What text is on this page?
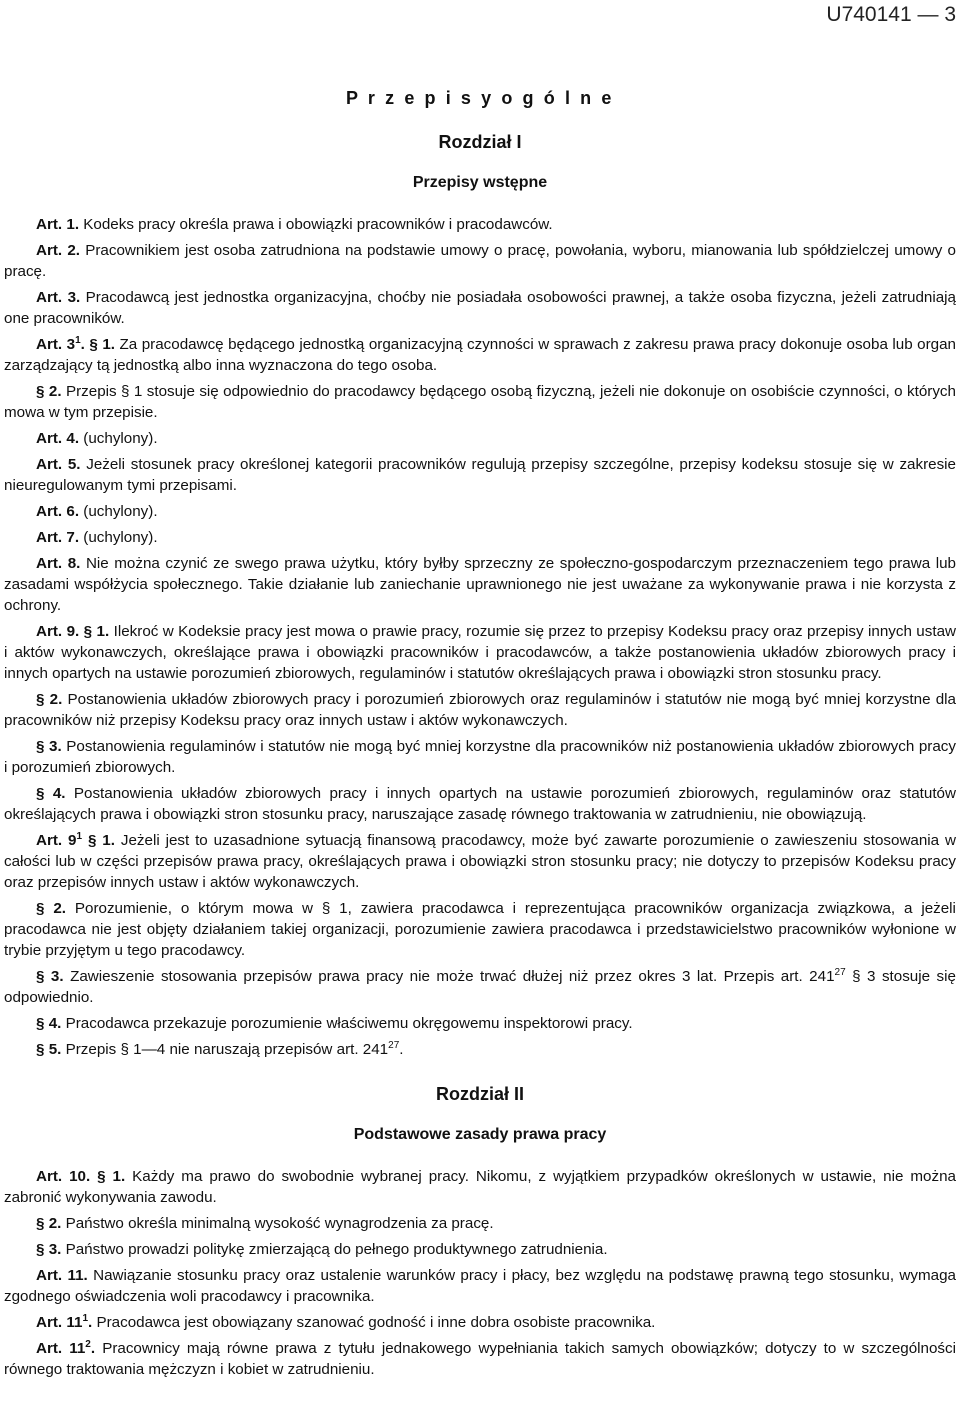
U740141 — 3
P r z e p i s y o g ó l n e
Rozdział I
Przepisy wstępne

Art. 1. Kodeks pracy określa prawa i obowiązki pracowników i pracodawców.

Art. 2. Pracownikiem jest osoba zatrudniona na podstawie umowy o pracę, powołania, wyboru, mianowania lub spółdzielczej umowy o pracę.

Art. 3. Pracodawcą jest jednostka organizacyjna, choćby nie posiadała osobowości prawnej, a także osoba fizyczna, jeżeli zatrudniają one pracowników.

Art. $3^1$. § 1. Za pracodawcę będącego jednostką organizacyjną czynności w sprawach z zakresu prawa pracy dokonuje osoba lub organ zarządzający tą jednostką albo inna wyznaczona do tego osoba.

§ 2. Przepis § 1 stosuje się odpowiednio do pracodawcy będącego osobą fizyczną, jeżeli nie dokonuje on osobiście czynności, o których mowa w tym przepisie.

Art. 4. (uchylony).

Art. 5. Jeżeli stosunek pracy określonej kategorii pracowników regulują przepisy szczególne, przepisy kodeksu stosuje się w zakresie nieuregulowanym tymi przepisami.

Art. 6. (uchylony).

Art. 7. (uchylony).

Art. 8. Nie można czynić ze swego prawa użytku, który byłby sprzeczny ze społeczno-gospodarczym przeznaczeniem tego prawa lub zasadami współżycia społecznego. Takie działanie lub zaniechanie uprawnionego nie jest uważane za wykonywanie prawa i nie korzysta z ochrony.

Art. 9. § 1. Ilekroć w Kodeksie pracy jest mowa o prawie pracy, rozumie się przez to przepisy Kodeksu pracy oraz przepisy innych ustaw i aktów wykonawczych, określające prawa i obowiązki pracowników i pracodawców, a także postanowienia układów zbiorowych pracy i innych opartych na ustawie porozumień zbiorowych, regulaminów i statutów określających prawa i obowiązki stron stosunku pracy.

§ 2. Postanowienia układów zbiorowych pracy i porozumień zbiorowych oraz regulaminów i statutów nie mogą być mniej korzystne dla pracowników niż przepisy Kodeksu pracy oraz innych ustaw i aktów wykonawczych.

§ 3. Postanowienia regulaminów i statutów nie mogą być mniej korzystne dla pracowników niż postanowienia układów zbiorowych pracy i porozumień zbiorowych.

§ 4. Postanowienia układów zbiorowych pracy i innych opartych na ustawie porozumień zbiorowych, regulaminów oraz statutów określających prawa i obowiązki stron stosunku pracy, naruszające zasadę równego traktowania w zatrudnieniu, nie obowiązują.

Art. $9^1$ § 1. Jeżeli jest to uzasadnione sytuacją finansową pracodawcy, może być zawarte porozumienie o zawieszeniu stosowania w całości lub w części przepisów prawa pracy, określających prawa i obowiązki stron stosunku pracy; nie dotyczy to przepisów Kodeksu pracy oraz przepisów innych ustaw i aktów wykonawczych.

§ 2. Porozumienie, o którym mowa w § 1, zawiera pracodawca i reprezentująca pracowników organizacja związkowa, a jeżeli pracodawca nie jest objęty działaniem takiej organizacji, porozumienie zawiera pracodawca i przedstawicielstwo pracowników wyłonione w trybie przyjętym u tego pracodawcy.

§ 3. Zawieszenie stosowania przepisów prawa pracy nie może trwać dłużej niż przez okres 3 lat. Przepis art. $241^{27}$ § 3 stosuje się odpowiednio.

§ 4. Pracodawca przekazuje porozumienie właściwemu okręgowemu inspektorowi pracy.

§ 5. Przepis § 1—4 nie naruszają przepisów art. $241^{27}$.

Rozdział II
Podstawowe zasady prawa pracy

Art. 10. § 1. Każdy ma prawo do swobodnie wybranej pracy. Nikomu, z wyjątkiem przypadków określonych w ustawie, nie można zabronić wykonywania zawodu.

§ 2. Państwo określa minimalną wysokość wynagrodzenia za pracę.

§ 3. Państwo prowadzi politykę zmierzającą do pełnego produktywnego zatrudnienia.

Art. 11. Nawiązanie stosunku pracy oraz ustalenie warunków pracy i płacy, bez względu na podstawę prawną tego stosunku, wymaga zgodnego oświadczenia woli pracodawcy i pracownika.

Art. $11^1$. Pracodawca jest obowiązany szanować godność i inne dobra osobiste pracownika.

Art. $11^2$. Pracownicy mają równe prawa z tytułu jednakowego wypełniania takich samych obowiązków; dotyczy to w szczególności równego traktowania mężczyzn i kobiet w zatrudnieniu.
